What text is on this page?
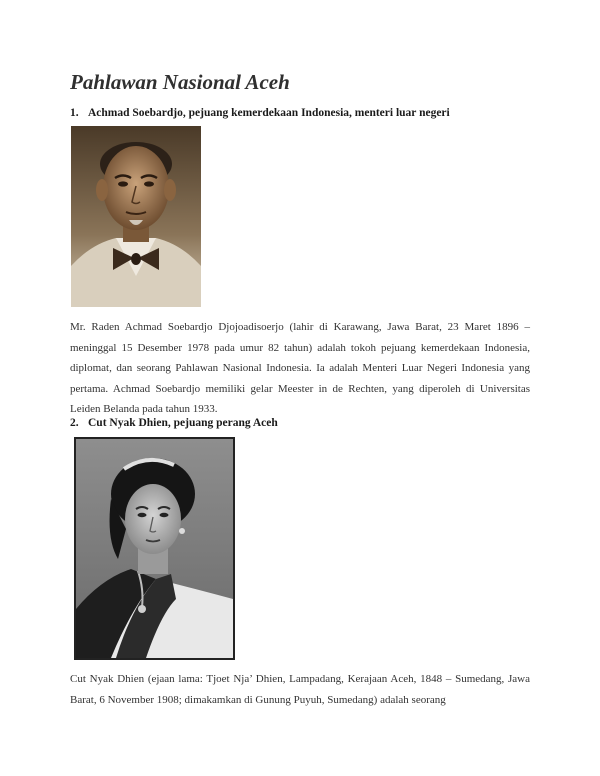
Pahlawan Nasional Aceh
1. Achmad Soebardjo, pejuang kemerdekaan Indonesia, menteri luar negeri

Mr. Raden Achmad Soebardjo Djojoadisoerjo (lahir di Karawang, Jawa Barat, 23 Maret 1896 – meninggal 15 Desember 1978 pada umur 82 tahun) adalah tokoh pejuang kemerdekaan Indonesia, diplomat, dan seorang Pahlawan Nasional Indonesia. Ia adalah Menteri Luar Negeri Indonesia yang pertama. Achmad Soebardjo memiliki gelar Meester in de Rechten, yang diperoleh di Universitas Leiden Belanda pada tahun 1933.

2. Cut Nyak Dhien, pejuang perang Aceh

Cut Nyak Dhien (ejaan lama: Tjoet Nja’ Dhien, Lampadang, Kerajaan Aceh, 1848 – Sumedang, Jawa Barat, 6 November 1908; dimakamkan di Gunung Puyuh, Sumedang) adalah seorang
